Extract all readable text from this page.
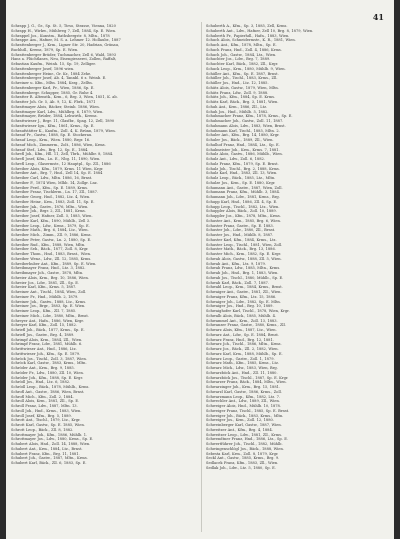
41
Schrapp J. G., Gr., Sp. St. 5, Tirso, Strasse, Vienna, 1820
Schrapp H., Wirkw., Mühlweg 7, Zell, 1884, Sp. E. Wien.
Schrappel Jos., Kunstm., Rathsbergstr. 8, Mltn., 1878
Schrappe Am., Hafner, M. S. a. Lehmer 12. Hollaubr., 1887
Schrattenberger J., Krm., Ligner Str. 20, Hadrian, Grünau,
Buchhdl., Krems, 1879, Sp. E. Wien.
Schrattenberger Brüder, Tuchmacher, Zell 6, Wald, 1893
Hans a. Flüchtlanes, Neu, Eisengiesserei, Zollen, Raffalt,
Sebastian Kaufm., Weinh. 15, Sp. 19, Zelliger.
Schrattenberger Josef, 1896 wien.
Schrattenberger Heinr., Gr. Kr., 1884 Zehe.
Schrattenberger Josef, Ab. 4, Tannbl. 6 z. Weinb. E.
Schreiner u. Kfm., Mltn. 1884, Krzg., Zelltn.
Schrattenberger Karl, Pr., Wien, 1886, Sp. E.
Schrattenbergr. Schupper, 1885, Gr. Ruhe 4.
Schratter R. Altenstk., Krm., 6, Brg. 3, Wien, 1851, K. ab.
Schratter Joh. Gr. 5, Ab. 9, 12, K. Fbrk., 1871
Schrattmayer Alois, Bäcker, Steinb. 1886, Wien.
Schrattmayer Karl, Ldw., Mühlbrg. 6, 1879, Wien.
Schrattmayer, Brüder, 1884, Lehwirth., Krems.
Schrattwieser J., Brgr. 11, Glasfbr., Spag. 12, Zell, 1890
Schrattwieser Ign., Kfm., 1861, Krms., Sp. E.
Schraufstätter K., Kaufm., Zoll. 4, K. Brünn, 1879, Wien.
Schrauf Fr., Gastw., 1888, Sp. E. Stockerau.
Schrauf Leop., Krm., Wien. 1880, Brgr. 16.
Schrauf Mich., Zimmerm., Zolt., 1886, Wien, Krms.
Schrauf Stef., Ldw., Brg. 12, Sp. E., 1884.
Schrefl Joh., Kfm., Hll. 11, Zell, Tbrk., Mühlbr. 8, 1884.
Schrefl Josef, Kfm., Ln. E., Nbg. 11, 1890, Wien.
Schrefl Leop., Glasermstr., 12 Hauptpl., Sp. Zll., 1886
Schreiber Alois, Kfm., 1879, Krms. 11 Wien, Krgr.
Schreiber Ant., Brg. 7, Hnd., Zell 14, Sp. E. 1884
Schreiber Carl, Ldw., Mltn. 1886, 16, Brnst.
Schreiber F., 1874 Wien, Mlhb. 14, Zollgr. Lnz.
Schreiber Ferd., Kfm., Sp. E. 1889, Krms.
Schreiber Franz, Tischlerm., Ln. 17, Zll., 1887.
Schreiber Georg, Hnd., 1882, Ltz. 4, Wien.
Schreiber Heinr., Krm., 1883, Zoll. 11, Sp. E.
Schreiber Jak., Gastw., 1876, Mltn., Wien.
Schreiber Joh., Brgr. 2, Zll., 1881, Krms.
Schreiber Josef, Hafner, Zoll. 5, 1885, Wien.
Schreiber Karl, Kfm., 1890, Mühlb., Zell 3.
Schreiber Leop., Ldw., Krms., 1879, Sp. E.
Schreiber Math., Brg. 6, 1884, Ltz., Wien.
Schreiber Mich., Zimm., Zll. 9, 1886, Krms.
Schreiber Peter, Gastw., Ln. 2, 1880, Sp. E.
Schreiber Rud., Kfm., 1888, Wien, Mltn.
Schreiber Seb., Bäck., 1877, Zoll. 8, Krgr.
Schreiber Thom., Hnd., 1883, Brnst., Wien.
Schreiber Wenz., Ldw., Zll. 12, 1885, Krms.
Schreiberhuber Ant., Kfm., 1889, Sp. E. Wien.
Schreibmayer Franz, Hnd., Ltz. 3, 1882.
Schreibmayer Joh., Gastw., 1878, Mltn.
Schreier Alois, Krm., Brg. 10, 1886, Wien.
Schreier Jos., Ldw., 1881, Zll., Sp. E.
Schreier Karl, Kfm., Krms. 5, 1887.
Schreiner Ant., Tischl., 1884, Wien, Zoll.
Schreiner Fr., Hnd., Mühlb. 2, 1879.
Schreiner Joh., Gastw., 1888, Ltz., Krms.
Schreiner Jos., Brgr., 1883, Sp. E. Wien.
Schreiner Leop., Kfm., Zll. 7, 1885.
Schreiner Mich., Ldw., 1880, Mltn., Brnst.
Schreyer Ant., Hafn., 1886, Wien, Krgr.
Schreyer Karl, Kfm., Zoll. 15, 1882.
Schriefl Joh., Bäck., 1877, Krms., Sp. E.
Schriefl Jos., Gastw., Brg. 4, 1889.
Schrimpf Alois, Krm., 1884, Zll., Wien.
Schrimpf Franz, Ldw., 1881, Mühlb. 6.
Schrittwieser Ant., Hnd., 1886, Ltz.
Schrittwieser Joh., Kfm., Sp. E. 1879.
Schröck Jos., Tischl., Zoll. 3, 1887, Wien.
Schröck Karl, Gastw., 1883, Krms., Mltn.
Schröder Ant., Krm., Brg. 9, 1885.
Schröder Fr., Ldw., 1880, Zll. 10, Wien.
Schröder Joh., Kfm., 1888, Sp. E. Krgr.
Schrödl Jos., Hnd., Ltz. 6, 1882.
Schrödl Leop., Bäck., 1878, Mühlb., Krms.
Schrofl Ant., Gastw., 1886, Wien, Brnst.
Schrofl Mich., Kfm., Zoll. 2, 1884.
Schroll Alois, Krm., 1881, Zll., Sp. E.
Schroll Franz, Ldw., 1887, Mltn. 13.
Schroll Joh., Hnd., Krms., 1883, Wien.
Schroll Josef, Kfm., Brg. 5, 1889.
Schrott Ant., Tischl., 1879, Ltz., Krgr.
Schrott Karl, Gastw., Sp. E. 1885, Wien.
Schrott Leop., Bäck., Zll. 8, 1882.
Schrottmayer Joh., Kfm., 1886, Mühlb. 1.
Schrottmayer Jos., Ldw., 1880, Krms., Sp. E.
Schubert Alois, Hnd., Zoll. 14, 1888, Wien.
Schubert Ant., Krm., 1884, Ltz., Brnst.
Schubert Franz, Kfm., Brg. 11, 1881.
Schubert Joh., Gastw., 1887, Mltn., Krms.
Schubert Karl, Bäck., Zll. 6, 1883, Sp. E.
Schuberth A., Kfm., Sp. 3, 1885, Zell, Krms.
Schuberth Ant., Ldw., Hafner, Zell 10, Brg. 8, 1879, Wien.
Schuberth Fr., Papierhdl., Hafn., 1883, Wien.
Schuch Alois, Schneidermstr., K. R., 1881, Wien.
Schuch Ant., Kfm., 1878, Mltn., Sp. E.
Schuch Franz, Hnd., Zoll. 4, 1886, Krms.
Schuch Joh., Gastw., 1884, Ltz., Wien.
Schuchter Jos., Ldw., Brg. 7, 1889.
Schuchter Karl, Bäck., 1882, Zll., Krgr.
Schuck Leop., Krm., 1880, Mühlb. 9, Wien.
Schüller Ant., Kfm., Sp. E. 1887, Brnst.
Schüller Joh., Tischl., 1883, Krms., Zll.
Schüller Jos., Hnd., Ltz. 12, 1885.
Schütz Alois, Gastw., 1879, Wien, Mltn.
Schütz Franz, Ldw., Zoll. 9, 1888.
Schütz Joh., Kfm., 1884, Sp. E. Krms.
Schütz Karl, Bäck., Brg. 3, 1881, Wien.
Schuh Ant., Krm., 1886, Zll., Ltz.
Schuh Jos., Hnd., Mühlb. 5, 1882.
Schuhmacher Franz, Kfm., 1878, Krms., Sp. E.
Schuhmacher Joh., Gastw., Zoll. 11, 1887.
Schuhmann Alois, Ldw., 1883, Wien, Brnst.
Schuhmann Karl, Tischl., 1885, Mltn. 2.
Schuler Ant., Kfm., Brg. 14, 1880, Krgr.
Schuler Jos., Bäck., 1889, Zll., Wien.
Schulhof Franz, Hnd., 1884, Ltz., Sp. E.
Schulmeister Joh., Krm., Krms. 7, 1881.
Schulz Alois, Gastw., 1886, Mühlb., Wien.
Schulz Ant., Ldw., Zoll. 6, 1882.
Schulz Franz, Kfm., 1879, Sp. E. Brnst.
Schulz Joh., Tischl., Brg. 2, 1888, Krms.
Schulz Karl, Hnd., 1883, Zll. 13, Wien.
Schulz Leop., Bäck., 1885, Ltz., Mltn.
Schulze Jos., Krm., Sp. E. 1880, Krgr.
Schumann Ant., Gastw., 1887, Wien, Zoll.
Schumann Franz, Kfm., Mühlb. 3, 1884.
Schumann Joh., Ldw., 1881, Krms., Brg.
Schupp Karl, Hnd., 1886, Zll. 4, Sp. E.
Schupp Leop., Tischl., 1882, Ltz., Wien.
Schuppler Alois, Bäck., Zoll. 10, 1889.
Schuppler Jos., Kfm., 1878, Mltn., Krms.
Schuster Ant., Krm., 1885, Brg. 6, Wien.
Schuster Franz, Gastw., Sp. E. 1883.
Schuster Joh., Ldw., 1880, Zll., Brnst.
Schuster Jos., Hnd., Mühlb. 8, 1887.
Schuster Karl, Kfm., 1884, Krms., Ltz.
Schuster Leop., Tischl., 1881, Wien, Zoll.
Schuster Math., Bäck., Brg. 13, 1886.
Schuster Mich., Krm., 1882, Sp. E. Krgr.
Schwab Alois, Gastw., 1888, Zll. 5, Wien.
Schwab Ant., Kfm., Ltz. 9, 1879.
Schwab Franz, Ldw., 1885, Mltn., Krms.
Schwab Joh., Hnd., Brg. 1, 1883, Wien.
Schwab Jos., Tischl., 1880, Mühlb., Sp. E.
Schwab Karl, Bäck., Zoll. 7, 1887.
Schwabl Leop., Krm., 1884, Krms., Brnst.
Schwaiger Ant., Gastw., 1881, Zll., Wien.
Schwaiger Franz, Kfm., Ltz. 15, 1886.
Schwaiger Joh., Ldw., 1882, Sp. E. Mltn.
Schwaiger Jos., Hnd., Brg. 10, 1889.
Schwaighofer Karl, Tischl., 1878, Wien, Krgr.
Schwalb Alois, Bäck., 1885, Mühlb. 4.
Schwammel Ant., Krm., Zoll. 13, 1883.
Schwanzer Franz, Gastw., 1880, Krms., Zll.
Schwarz Alois, Kfm., 1887, Ltz., Wien.
Schwarz Ant., Ldw., Sp. E. 1884, Brnst.
Schwarz Franz, Hnd., Brg. 12, 1881.
Schwarz Joh., Tischl., 1886, Mltn., Krms.
Schwarz Jos., Bäck., Zll. 2, 1882, Wien.
Schwarz Karl, Krm., 1888, Mühlb., Sp. E.
Schwarz Leop., Gastw., Zoll. 1, 1879.
Schwarz Math., Kfm., 1885, Krms., Ltz.
Schwarz Mich., Ldw., 1883, Wien, Brg.
Schwarzböck Ant., Hnd., Zll. 11, 1880.
Schwarzböck Jos., Tischl., 1887, Sp. E. Krgr.
Schwarzer Franz, Bäck., 1884, Mltn., Wien.
Schwarzinger Joh., Krm., Brg. 15, 1881.
Schwarzl Karl, Gastw., 1886, Krms., Zoll.
Schwarzmann Leop., Kfm., 1882, Ltz. 7.
Schwechler Ant., Ldw., 1889, Zll., Wien.
Schweiger Alois, Hnd., Mühlb. 10, 1878.
Schweiger Franz, Tischl., 1885, Sp. E. Brnst.
Schweiger Joh., Bäck., 1883, Krms., Mltn.
Schweiger Jos., Krm., Zoll. 12, 1880.
Schweinberger Karl, Gastw., 1887, Wien.
Schweitzer Ant., Kfm., Brg. 4, 1884.
Schweitzer Leop., Ldw., 1881, Zll., Krms.
Schwendtner Franz, Hnd., 1886, Ltz., Sp. E.
Schwertführer Joh., Tischl., 1882, Mühlb.
Schwingenschlögl Jos., Bäck., 1888, Wien.
Sebesta Karl, Krm., Zoll. 8, 1879, Krgr.
Seckl Ant., Gastw., 1885, Krms., Brg. 9.
Sedlacek Franz, Kfm., 1883, Zll., Wien.
Sedlak Joh., Ldw., Ltz. 5, 1880, Sp. E.
